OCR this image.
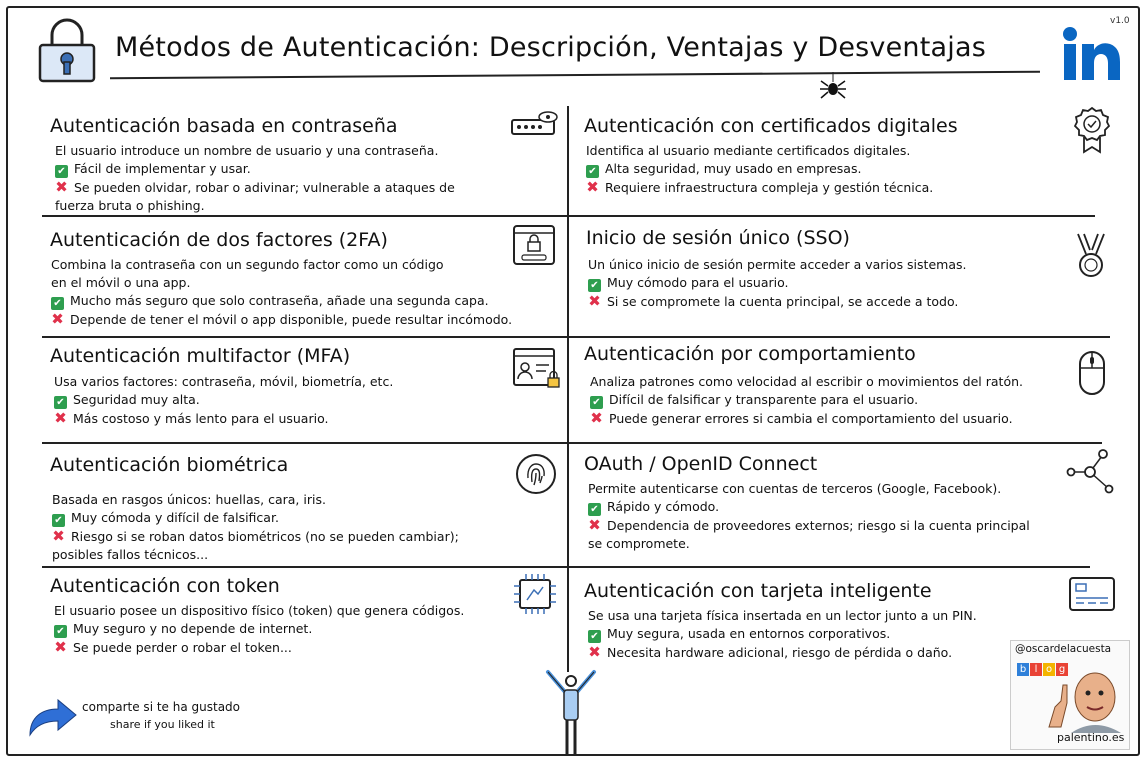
Métodos de Autenticación: Descripción, Ventajas y Desventajas
v1.0
Autenticación basada en contraseña
El usuario introduce un nombre de usuario y una contraseña.
✔ Fácil de implementar y usar.
✖ Se pueden olvidar, robar o adivinar; vulnerable a ataques de
fuerza bruta o phishing.
Autenticación con certificados digitales
Identifica al usuario mediante certificados digitales.
✔ Alta seguridad, muy usado en empresas.
✖ Requiere infraestructura compleja y gestión técnica.
Autenticación de dos factores (2FA)
Combina la contraseña con un segundo factor como un código
en el móvil o una app.
✔ Mucho más seguro que solo contraseña, añade una segunda capa.
✖ Depende de tener el móvil o app disponible, puede resultar incómodo.
Inicio de sesión único (SSO)
Un único inicio de sesión permite acceder a varios sistemas.
✔ Muy cómodo para el usuario.
✖ Si se compromete la cuenta principal, se accede a todo.
Autenticación multifactor (MFA)
Usa varios factores: contraseña, móvil, biometría, etc.
✔ Seguridad muy alta.
✖ Más costoso y más lento para el usuario.
Autenticación por comportamiento
Analiza patrones como velocidad al escribir o movimientos del ratón.
✔ Difícil de falsificar y transparente para el usuario.
✖ Puede generar errores si cambia el comportamiento del usuario.
Autenticación biométrica
Basada en rasgos únicos: huellas, cara, iris.
✔ Muy cómoda y difícil de falsificar.
✖ Riesgo si se roban datos biométricos (no se pueden cambiar);
posibles fallos técnicos...
OAuth / OpenID Connect
Permite autenticarse con cuentas de terceros (Google, Facebook).
✔ Rápido y cómodo.
✖ Dependencia de proveedores externos; riesgo si la cuenta principal
se compromete.
Autenticación con token
El usuario posee un dispositivo físico (token) que genera códigos.
✔ Muy seguro y no depende de internet.
✖ Se puede perder o robar el token...
Autenticación con tarjeta inteligente
Se usa una tarjeta física insertada en un lector junto a un PIN.
✔ Muy segura, usada en entornos corporativos.
✖ Necesita hardware adicional, riesgo de pérdida o daño.
comparte si te ha gustado
share if you liked it
@oscardelacuesta
b l o g
palentino.es
